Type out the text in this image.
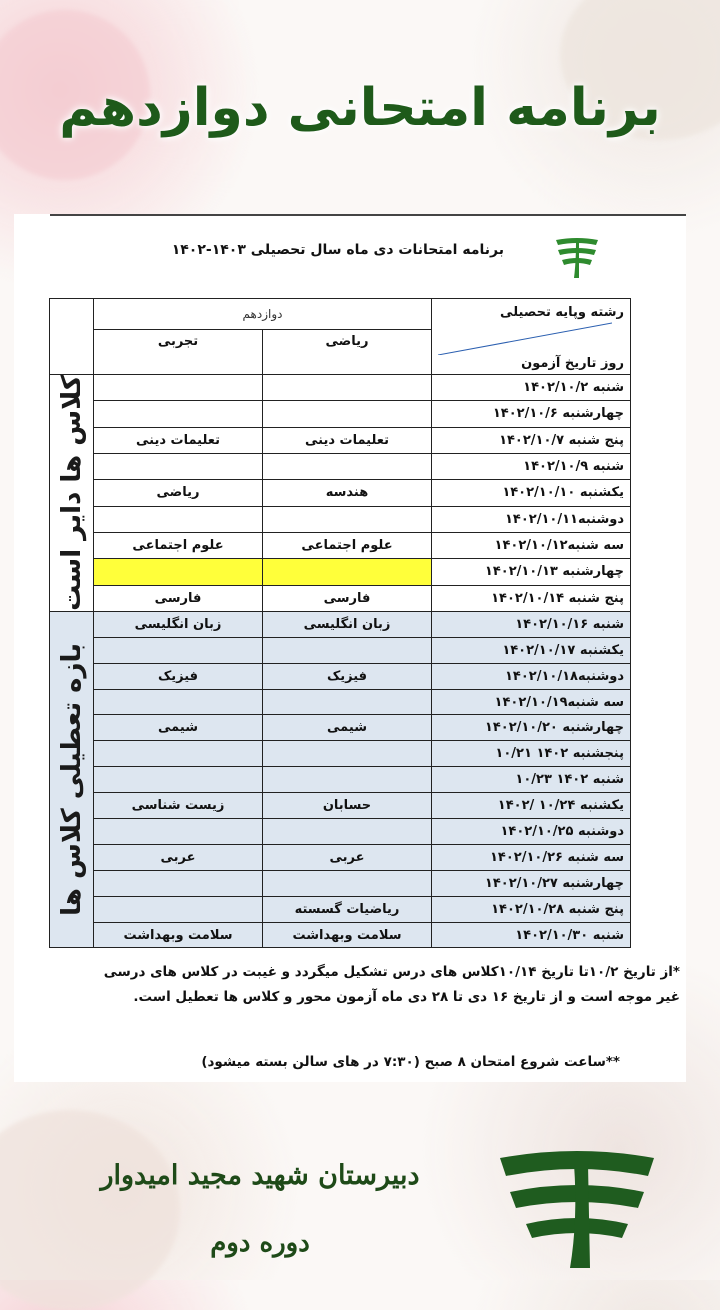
برنامه امتحانی دوازدهم
برنامه امتحانات دی ماه سال تحصیلی ۱۴۰۳-۱۴۰۲
رشته وپایه تحصیلی
روز تاریخ آزمون	دوازدهم		
	ریاضی	تجربی	
شنبه ۱۴۰۲/۱۰/۲			کلاس ها دایر است

چهارشنبه ۱۴۰۲/۱۰/۶			
پنج شنبه ۱۴۰۲/۱۰/۷	تعلیمات دینی	تعلیمات دینی	
شنبه ۱۴۰۲/۱۰/۹			
یکشنبه ۱۴۰۲/۱۰/۱۰	هندسه	ریاضی	
دوشنبه۱۴۰۲/۱۰/۱۱			
سه شنبه۱۴۰۲/۱۰/۱۲	علوم اجتماعی	علوم اجتماعی	
چهارشنبه ۱۴۰۲/۱۰/۱۳			
پنج شنبه ۱۴۰۲/۱۰/۱۴	فارسی	فارسی	
شنبه ۱۴۰۲/۱۰/۱۶	زبان انگلیسی	زبان انگلیسی	بازه تعطیلی کلاس ها

یکشنبه ۱۴۰۲/۱۰/۱۷			
دوشنبه۱۴۰۲/۱۰/۱۸	فیزیک	فیزیک	
سه شنبه۱۴۰۲/۱۰/۱۹			
چهارشنبه ۱۴۰۲/۱۰/۲۰	شیمی	شیمی	
پنجشنبه ۱۴۰۲ ۱۰/۲۱			
شنبه ۱۴۰۲ ۱۰/۲۳			
یکشنبه ۱۰/۲۴ /۱۴۰۲	حسابان	زیست شناسی	
دوشنبه ۱۴۰۲/۱۰/۲۵			
سه شنبه ۱۴۰۲/۱۰/۲۶	عربی	عربی	
چهارشنبه ۱۴۰۲/۱۰/۲۷			
پنج شنبه ۱۴۰۲/۱۰/۲۸	ریاضیات گسسته		
شنبه ۱۴۰۲/۱۰/۳۰	سلامت وبهداشت	سلامت وبهداشت	
*از تاریخ ۱۰/۲تا تاریخ ۱۰/۱۴کلاس های درس تشکیل میگردد و غیبت در کلاس های درسی غیر موجه است و از تاریخ ۱۶ دی تا ۲۸ دی ماه آزمون محور و کلاس ها تعطیل است.
**ساعت شروع امتحان ۸ صبح (۷:۳۰ در های سالن بسته میشود)
دبیرستان شهید مجید امیدوار
دوره دوم
